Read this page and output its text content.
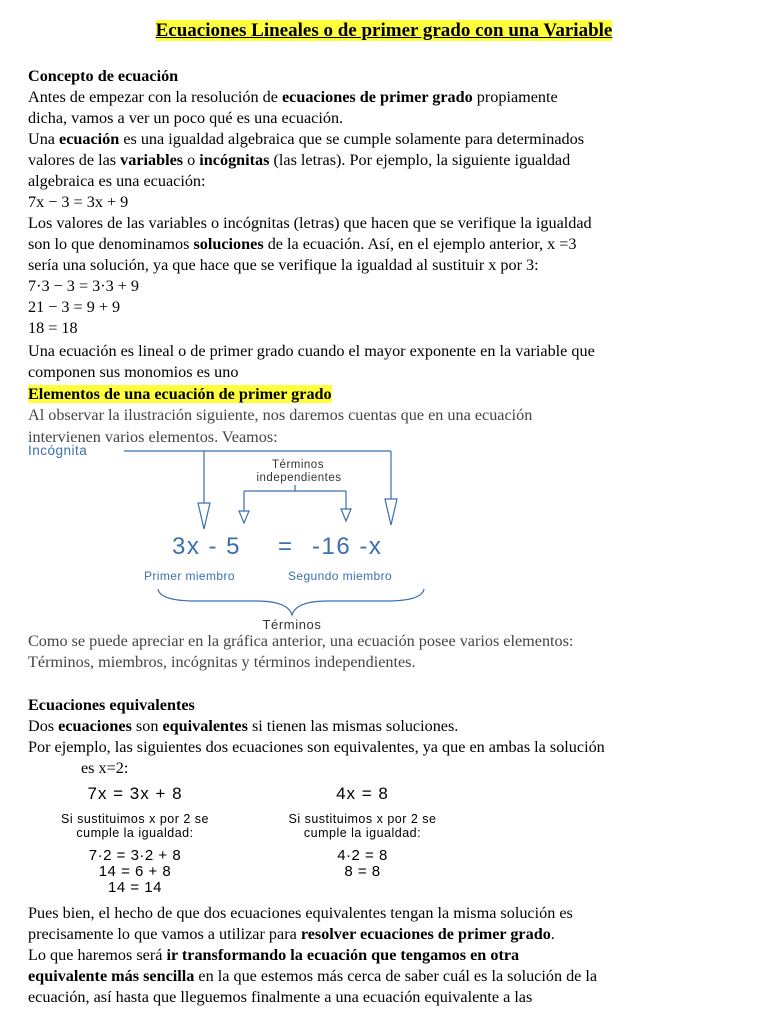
Ecuaciones Lineales o de primer grado con una Variable
Concepto de ecuación
Antes de empezar con la resolución de ecuaciones de primer grado propiamente
dicha, vamos a ver un poco qué es una ecuación.
Una ecuación es una igualdad algebraica que se cumple solamente para determinados
valores de las variables o incógnitas (las letras). Por ejemplo, la siguiente igualdad
algebraica es una ecuación:
7x − 3 = 3x + 9
Los valores de las variables o incógnitas (letras) que hacen que se verifique la igualdad
son lo que denominamos soluciones de la ecuación. Así, en el ejemplo anterior, x =3
sería una solución, ya que hace que se verifique la igualdad al sustituir x por 3:
7·3 − 3 = 3·3 + 9
21 − 3 = 9 + 9
18 = 18
Una ecuación es lineal o de primer grado cuando el mayor exponente en la variable que
componen sus monomios es uno
Elementos de una ecuación de primer grado
Al observar la ilustración siguiente, nos daremos cuentas que en una ecuación
intervienen varios elementos. Veamos:
Incógnita
Términos
independientes
3x - 5 = -16 -x
Primer miembro	Segundo miembro
Términos
Como se puede apreciar en la gráfica anterior, una ecuación posee varios elementos:
Términos, miembros, incógnitas y términos independientes.
Ecuaciones equivalentes
Dos ecuaciones son equivalentes si tienen las mismas soluciones.
Por ejemplo, las siguientes dos ecuaciones son equivalentes, ya que en ambas la solución
es x=2:
7x = 3x + 8
Si sustituimos x por 2 se
cumple la igualdad:
7·2 = 3·2 + 8
14 = 6 + 8
14 = 14
4x = 8
Si sustituimos x por 2 se
cumple la igualdad:
4·2 = 8
8 = 8
Pues bien, el hecho de que dos ecuaciones equivalentes tengan la misma solución es
precisamente lo que vamos a utilizar para resolver ecuaciones de primer grado.
Lo que haremos será ir transformando la ecuación que tengamos en otra
equivalente más sencilla en la que estemos más cerca de saber cuál es la solución de la
ecuación, así hasta que lleguemos finalmente a una ecuación equivalente a las
